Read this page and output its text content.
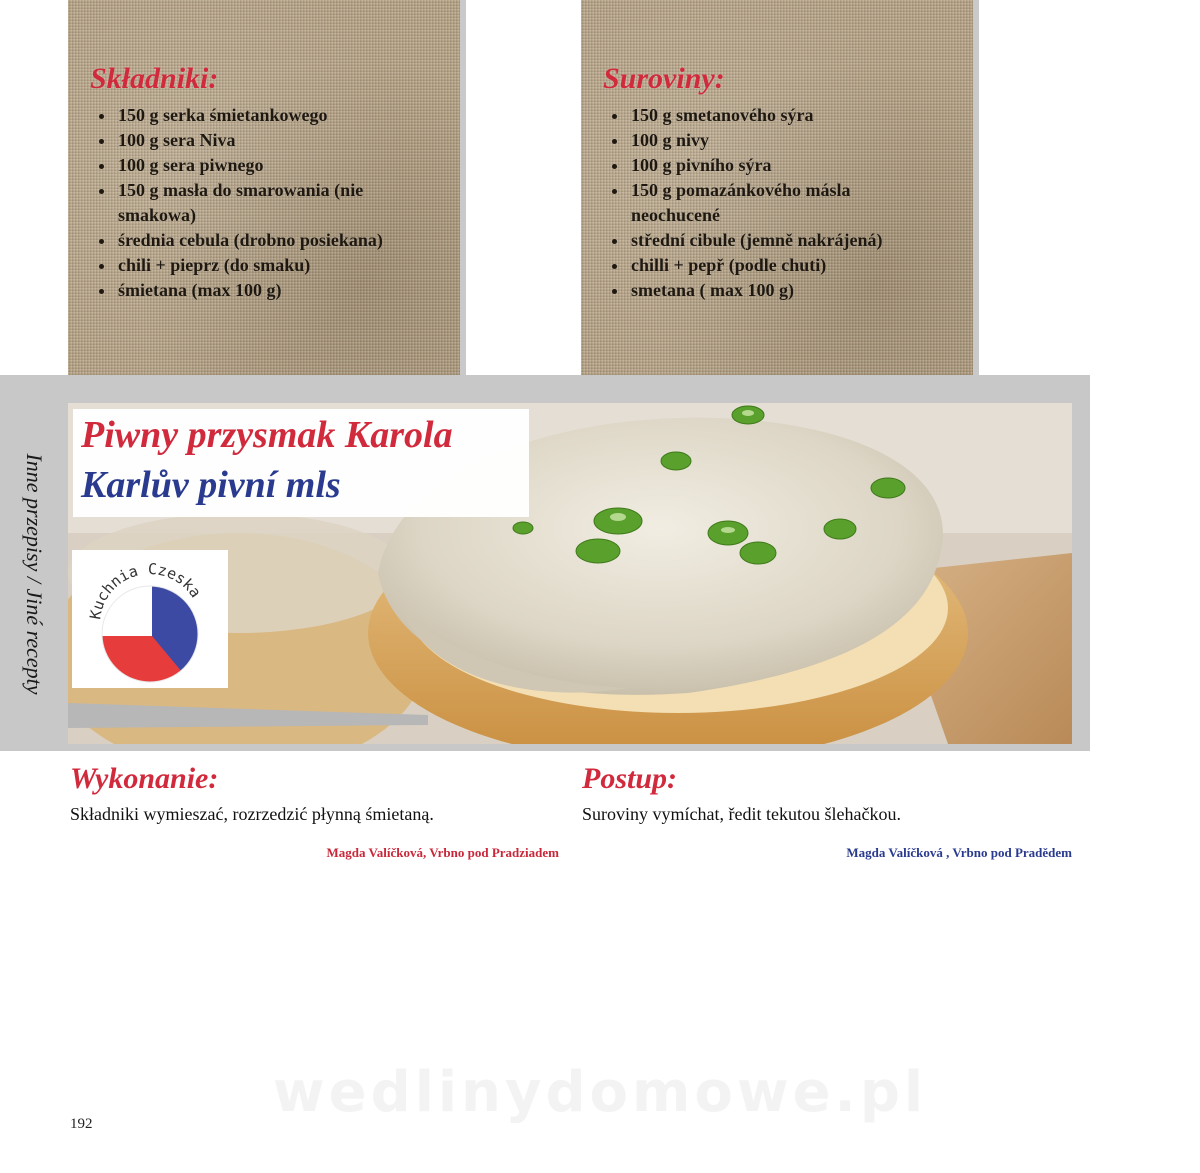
Składniki:
• 150 g serka śmietankowego
• 100 g sera Niva
• 100 g sera piwnego
• 150 g masła do smarowania (nie smakowa)
• średnia cebula (drobno posiekana)
• chili + pieprz (do smaku)
• śmietana (max 100 g)
Suroviny:
• 150 g smetanového sýra
• 100 g nivy
• 100 g pivního sýra
• 150 g pomazánkového másla neochucené
• střední cibule (jemně nakrájená)
• chilli + pepř (podle chuti)
• smetana ( max 100 g)
Inne przepisy / Jiné recepty
Piwny przysmak Karola
Karlův pivní mls
Kuchnia Czeska
Wykonanie:

Składniki wymieszać, rozrzedzić płynną śmietaną.

Magda Valíčková, Vrbno pod Pradziadem

Postup:

Suroviny vymíchat, ředit tekutou šlehačkou.

Magda Valíčková , Vrbno pod Pradědem

wedlinydomowe.pl

192
